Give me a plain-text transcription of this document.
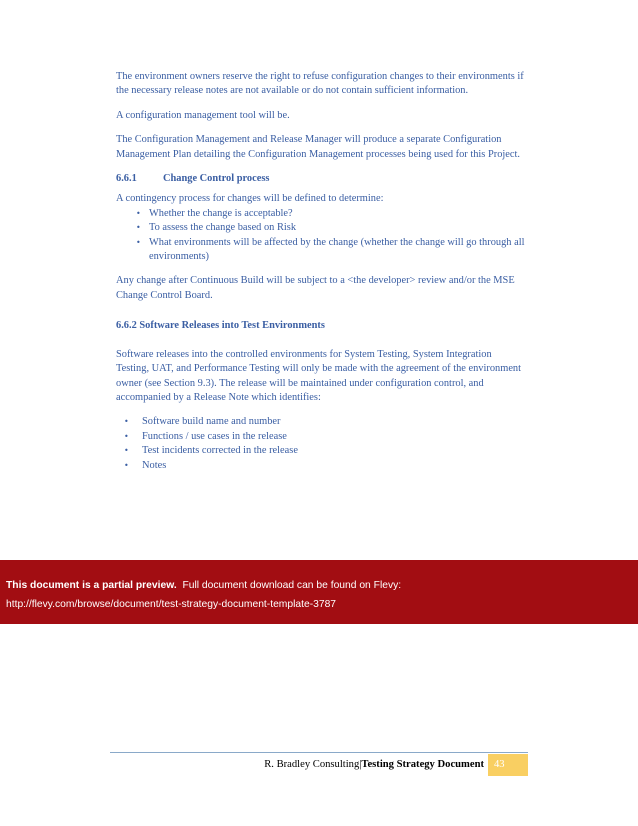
The environment owners reserve the right to refuse configuration changes to their environments if the necessary release notes are not available or do not contain sufficient information.

A configuration management tool will be.

The Configuration Management and Release Manager will produce a separate Configuration Management Plan detailing the Configuration Management processes being used for this Project.

6.6.1	Change Control process
A contingency process for changes will be defined to determine:
• Whether the change is acceptable?
• To assess the change based on Risk
• What environments will be affected by the change (whether the change will go through all environments)

Any change after Continuous Build will be subject to a <the developer> review and/or the MSE Change Control Board.

6.6.2 Software Releases into Test Environments

Software releases into the controlled environments for System Testing, System Integration Testing, UAT, and Performance Testing will only be made with the agreement of the environment owner (see Section 9.3). The release will be maintained under configuration control, and accompanied by a Release Note which identifies:

• Software build name and number
• Functions / use cases in the release
• Test incidents corrected in the release
• Notes
This document is a partial preview. Full document download can be found on Flevy:
http://flevy.com/browse/document/test-strategy-document-template-3787
R. Bradley Consulting|Testing Strategy Document 43
